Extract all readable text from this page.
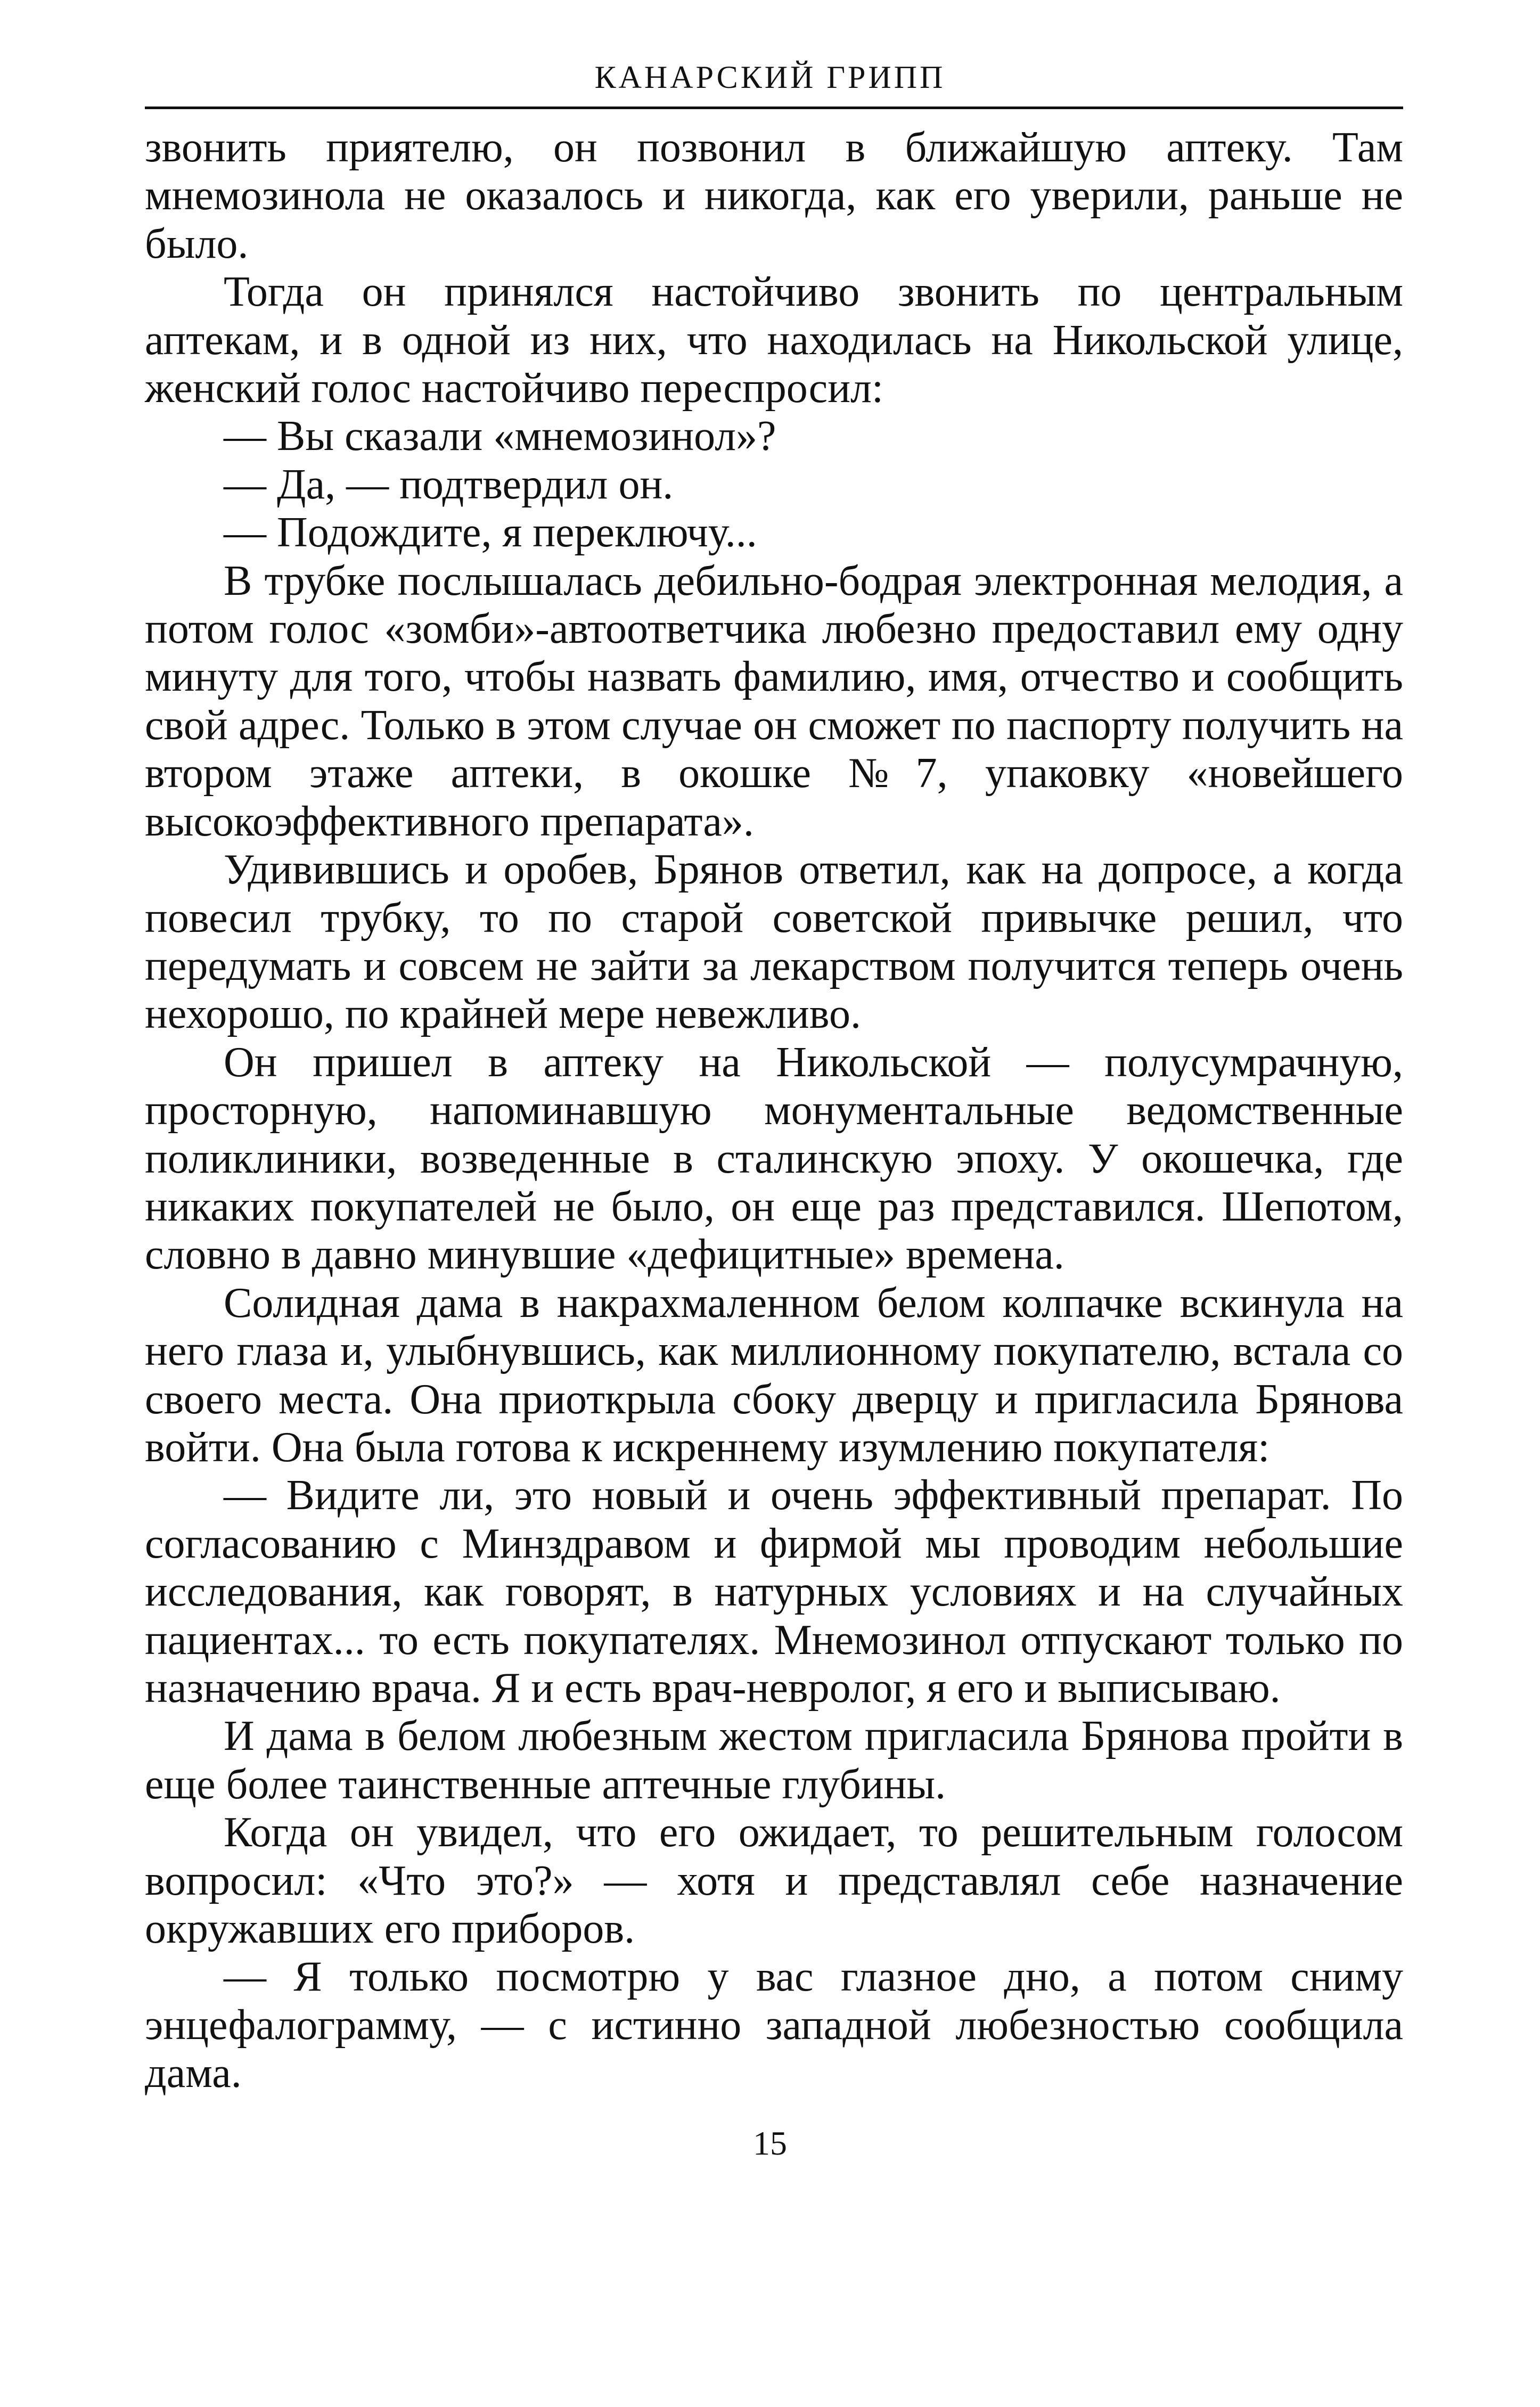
КАНАРСКИЙ ГРИПП

звонить приятелю, он позвонил в ближайшую аптеку. Там мнемозинола не оказалось и никогда, как его уверили, раньше не было.

Тогда он принялся настойчиво звонить по центральным аптекам, и в одной из них, что находилась на Никольской улице, женский голос настойчиво переспросил:

— Вы сказали «мнемозинол»?

— Да, — подтвердил он.

— Подождите, я переключу...

В трубке послышалась дебильно-бодрая электронная мелодия, а потом голос «зомби»-автоответчика любезно предоставил ему одну минуту для того, чтобы назвать фамилию, имя, отчество и сообщить свой адрес. Только в этом случае он сможет по паспорту получить на втором этаже аптеки, в окошке №7, упаковку «новейшего высокоэффективного препарата».

Удивившись и оробев, Брянов ответил, как на допросе, а когда повесил трубку, то по старой советской привычке решил, что передумать и совсем не зайти за лекарством получится теперь очень нехорошо, по крайней мере невежливо.

Он пришел в аптеку на Никольской — полусумрачную, просторную, напоминавшую монументальные ведомственные поликлиники, возведенные в сталинскую эпоху. У окошечка, где никаких покупателей не было, он еще раз представился. Шепотом, словно в давно минувшие «дефицитные» времена.

Солидная дама в накрахмаленном белом колпачке вскинула на него глаза и, улыбнувшись, как миллионному покупателю, встала со своего места. Она приоткрыла сбоку дверцу и пригласила Брянова войти. Она была готова к искреннему изумлению покупателя:

— Видите ли, это новый и очень эффективный препарат. По согласованию с Минздравом и фирмой мы проводим небольшие исследования, как говорят, в натурных условиях и на случайных пациентах... то есть покупателях. Мнемозинол отпускают только по назначению врача. Я и есть врач-невролог, я его и выписываю.

И дама в белом любезным жестом пригласила Брянова пройти в еще более таинственные аптечные глубины.

Когда он увидел, что его ожидает, то решительным голосом вопросил: «Что это?» — хотя и представлял себе назначение окружавших его приборов.

— Я только посмотрю у вас глазное дно, а потом сниму энцефалограмму, — с истинно западной любезностью сообщила дама.

15
